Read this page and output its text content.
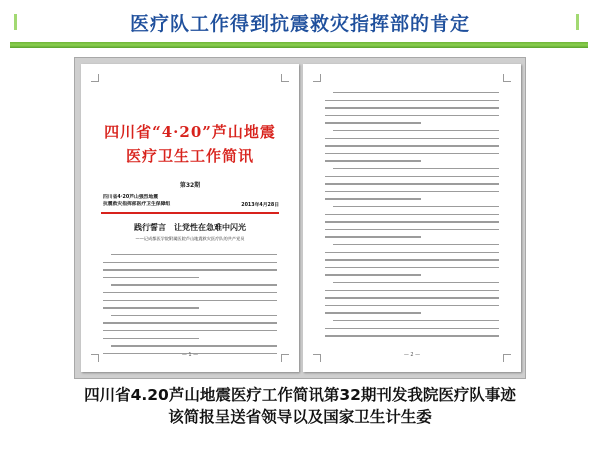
医疗队工作得到抗震救灾指挥部的肯定
四川省“4·20”芦山地震
医疗卫生工作简讯
第32期
四川省4·20芦山强烈地震
抗震救灾指挥部医疗卫生保障组	2013年4月28日
践行誓言　让党性在急难中闪光
——记成都医学院附属医院芦山地震救灾医疗队的共产党员
— 1 —	— 2 —
四川省4.20芦山地震医疗工作简讯第32期刊发我院医疗队事迹
该简报呈送省领导以及国家卫生计生委
